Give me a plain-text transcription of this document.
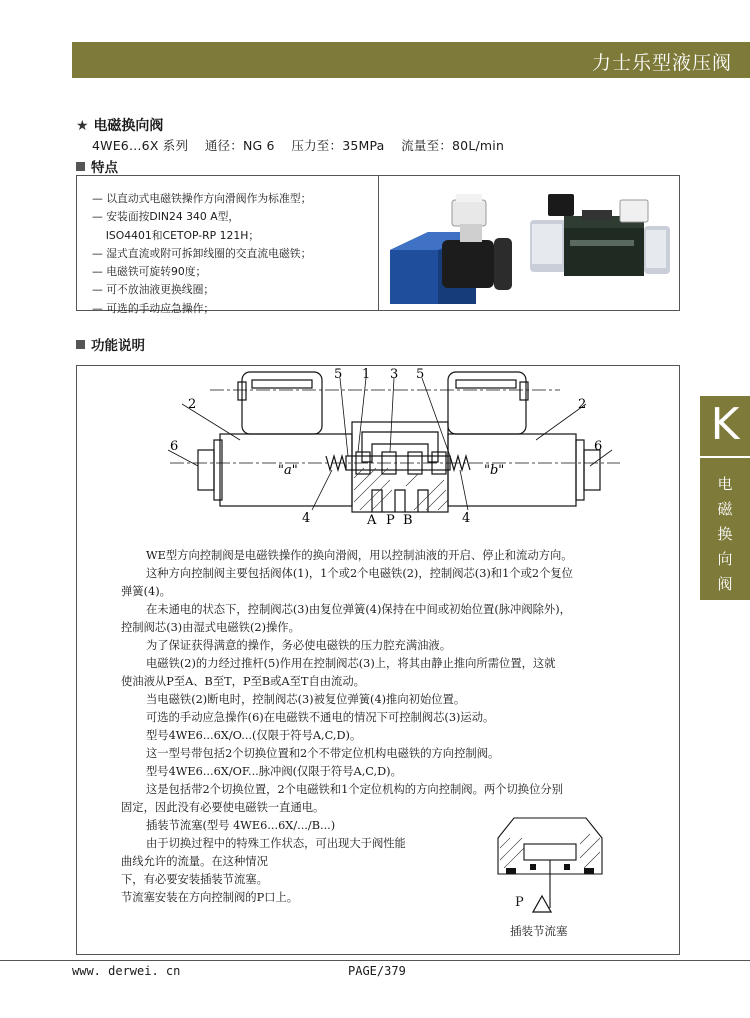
力士乐型液压阀
K
电
磁
换
向
阀
★ 电磁换向阀
4WE6…6X 系列    通径：NG 6    压力至：35MPa    流量至：80L/min
特点
— 以直动式电磁铁操作方向滑阀作为标准型；
— 安装面按DIN24 340 A型，
ISO4401和CETOP-RP 121H；
— 湿式直流或附可拆卸线圈的交直流电磁铁；
— 电磁铁可旋转90度；
— 可不放油液更换线圈；
— 可选的手动应急操作；
功能说明
2	2
6	6
5 1 3 5
4	4
"a"	"b"
A P B
WE型方向控制阀是电磁铁操作的换向滑阀，用以控制油液的开启、停止和流动方向。
这种方向控制阀主要包括阀体(1)，1个或2个电磁铁(2)，控制阀芯(3)和1个或2个复位
弹簧(4)。
在未通电的状态下，控制阀芯(3)由复位弹簧(4)保持在中间或初始位置(脉冲阀除外)，
控制阀芯(3)由湿式电磁铁(2)操作。
为了保证获得满意的操作，务必使电磁铁的压力腔充满油液。
电磁铁(2)的力经过推杆(5)作用在控制阀芯(3)上，将其由静止推向所需位置，这就
使油液从P至A、B至T，P至B或A至T自由流动。
当电磁铁(2)断电时，控制阀芯(3)被复位弹簧(4)推向初始位置。
可选的手动应急操作(6)在电磁铁不通电的情况下可控制阀芯(3)运动。
型号4WE6...6X/O...(仅限于符号A,C,D)。
这一型号带包括2个切换位置和2个不带定位机构电磁铁的方向控制阀。
型号4WE6...6X/OF...脉冲阀(仅限于符号A,C,D)。
这是包括带2个切换位置，2个电磁铁和1个定位机构的方向控制阀。两个切换位分别
固定，因此没有必要使电磁铁一直通电。
插装节流塞(型号 4WE6...6X/.../B...)
由于切换过程中的特殊工作状态，可出现大于阀性能
曲线允许的流量。在这种情况
下，有必要安装插装节流塞。
节流塞安装在方向控制阀的P口上。	P
插装节流塞
www. derwei. cn	PAGE/379
